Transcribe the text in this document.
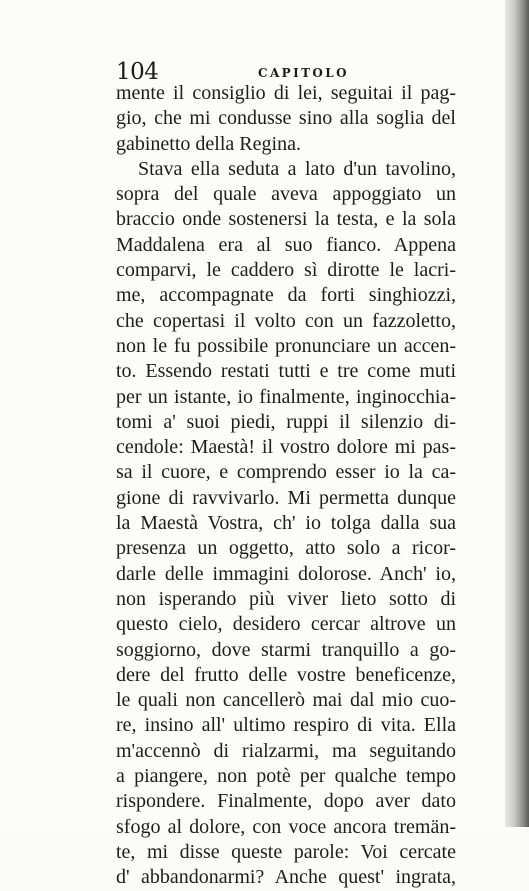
104	CAPITOLO
mente il consiglio di lei, seguitai il pag-
gio, che mi condusse sino alla soglia del
gabinetto della Regina.
Stava ella seduta a lato d'un tavolino,
sopra del quale aveva appoggiato un
braccio onde sostenersi la testa, e la sola
Maddalena era al suo fianco. Appena
comparvi, le caddero sì dirotte le lacri-
me, accompagnate da forti singhiozzi,
che copertasi il volto con un fazzoletto,
non le fu possibile pronunciare un accen-
to. Essendo restati tutti e tre come muti
per un istante, io finalmente, inginocchia-
tomi a' suoi piedi, ruppi il silenzio di-
cendole: Maestà! il vostro dolore mi pas-
sa il cuore, e comprendo esser io la ca-
gione di ravvivarlo. Mi permetta dunque
la Maestà Vostra, ch' io tolga dalla sua
presenza un oggetto, atto solo a ricor-
darle delle immagini dolorose. Anch' io,
non isperando più viver lieto sotto di
questo cielo, desidero cercar altrove un
soggiorno, dove starmi tranquillo a go-
dere del frutto delle vostre beneficenze,
le quali non cancellerò mai dal mio cuo-
re, insino all' ultimo respiro di vita. Ella
m'accennò di rialzarmi, ma seguitando
a piangere, non potè per qualche tempo
rispondere. Finalmente, dopo aver dato
sfogo al dolore, con voce ancora tremän-
te, mi disse queste parole: Voi cercate
d' abbandonarmi? Anche quest' ingrata,
